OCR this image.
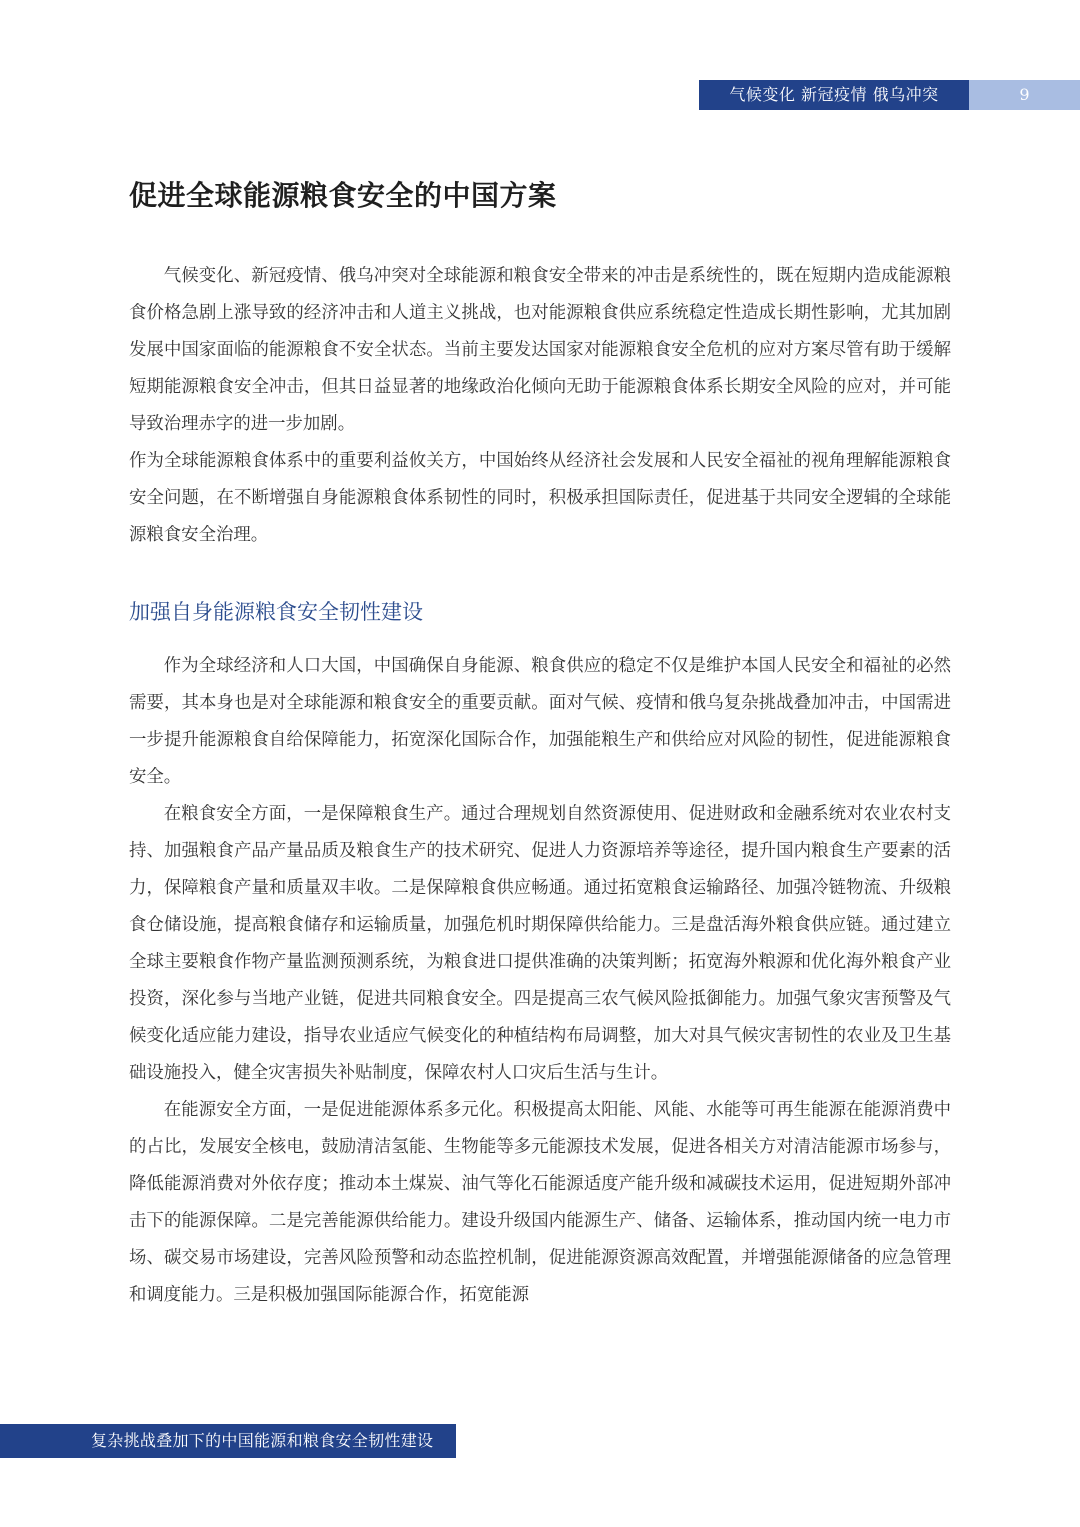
气候变化 新冠疫情 俄乌冲突	9
促进全球能源粮食安全的中国方案

气候变化、新冠疫情、俄乌冲突对全球能源和粮食安全带来的冲击是系统性的，既在短期内造成能源粮食价格急剧上涨导致的经济冲击和人道主义挑战，也对能源粮食供应系统稳定性造成长期性影响，尤其加剧发展中国家面临的能源粮食不安全状态。当前主要发达国家对能源粮食安全危机的应对方案尽管有助于缓解短期能源粮食安全冲击，但其日益显著的地缘政治化倾向无助于能源粮食体系长期安全风险的应对，并可能导致治理赤字的进一步加剧。

作为全球能源粮食体系中的重要利益攸关方，中国始终从经济社会发展和人民安全福祉的视角理解能源粮食安全问题，在不断增强自身能源粮食体系韧性的同时，积极承担国际责任，促进基于共同安全逻辑的全球能源粮食安全治理。

加强自身能源粮食安全韧性建设

作为全球经济和人口大国，中国确保自身能源、粮食供应的稳定不仅是维护本国人民安全和福祉的必然需要，其本身也是对全球能源和粮食安全的重要贡献。面对气候、疫情和俄乌复杂挑战叠加冲击，中国需进一步提升能源粮食自给保障能力，拓宽深化国际合作，加强能粮生产和供给应对风险的韧性，促进能源粮食安全。

在粮食安全方面，一是保障粮食生产。通过合理规划自然资源使用、促进财政和金融系统对农业农村支持、加强粮食产品产量品质及粮食生产的技术研究、促进人力资源培养等途径，提升国内粮食生产要素的活力，保障粮食产量和质量双丰收。二是保障粮食供应畅通。通过拓宽粮食运输路径、加强冷链物流、升级粮食仓储设施，提高粮食储存和运输质量，加强危机时期保障供给能力。三是盘活海外粮食供应链。通过建立全球主要粮食作物产量监测预测系统，为粮食进口提供准确的决策判断；拓宽海外粮源和优化海外粮食产业投资，深化参与当地产业链，促进共同粮食安全。四是提高三农气候风险抵御能力。加强气象灾害预警及气候变化适应能力建设，指导农业适应气候变化的种植结构布局调整，加大对具气候灾害韧性的农业及卫生基础设施投入，健全灾害损失补贴制度，保障农村人口灾后生活与生计。

在能源安全方面，一是促进能源体系多元化。积极提高太阳能、风能、水能等可再生能源在能源消费中的占比，发展安全核电，鼓励清洁氢能、生物能等多元能源技术发展，促进各相关方对清洁能源市场参与，降低能源消费对外依存度；推动本土煤炭、油气等化石能源适度产能升级和减碳技术运用，促进短期外部冲击下的能源保障。二是完善能源供给能力。建设升级国内能源生产、储备、运输体系，推动国内统一电力市场、碳交易市场建设，完善风险预警和动态监控机制，促进能源资源高效配置，并增强能源储备的应急管理和调度能力。三是积极加强国际能源合作，拓宽能源

复杂挑战叠加下的中国能源和粮食安全韧性建设
